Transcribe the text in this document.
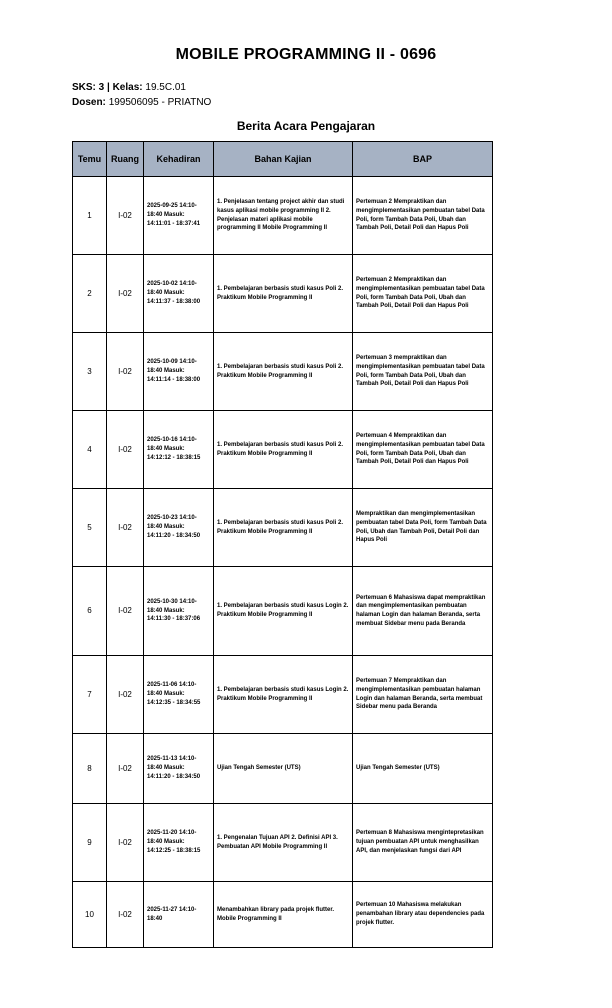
MOBILE PROGRAMMING II - 0696
SKS: 3 | Kelas: 19.5C.01
Dosen: 199506095 - PRIATNO
Berita Acara Pengajaran
Temu	Ruang	Kehadiran	Bahan Kajian	BAP
1	I-02	2025-09-25 14:10-18:40 Masuk: 14:11:01 - 18:37:41	1. Penjelasan tentang project akhir dan studi kasus aplikasi mobile programming II 2. Penjelasan materi aplikasi mobile programming II Mobile Programming II	Pertemuan 2 Mempraktikan dan mengimplementasikan pembuatan tabel Data Poli, form Tambah Data Poli, Ubah dan Tambah Poli, Detail Poli dan Hapus Poli
2	I-02	2025-10-02 14:10-18:40 Masuk: 14:11:37 - 18:38:00	1. Pembelajaran berbasis studi kasus Poli 2. Praktikum Mobile Programming II	Pertemuan 2 Mempraktikan dan mengimplementasikan pembuatan tabel Data Poli, form Tambah Data Poli, Ubah dan Tambah Poli, Detail Poli dan Hapus Poli
3	I-02	2025-10-09 14:10-18:40 Masuk: 14:11:14 - 18:38:00	1. Pembelajaran berbasis studi kasus Poli 2. Praktikum Mobile Programming II	Pertemuan 3 mempraktikan dan mengimplementasikan pembuatan tabel Data Poli, form Tambah Data Poli, Ubah dan Tambah Poli, Detail Poli dan Hapus Poli
4	I-02	2025-10-16 14:10-18:40 Masuk: 14:12:12 - 18:38:15	1. Pembelajaran berbasis studi kasus Poli 2. Praktikum Mobile Programming II	Pertemuan 4 Mempraktikan dan mengimplementasikan pembuatan tabel Data Poli, form Tambah Data Poli, Ubah dan Tambah Poli, Detail Poli dan Hapus Poli
5	I-02	2025-10-23 14:10-18:40 Masuk: 14:11:20 - 18:34:50	1. Pembelajaran berbasis studi kasus Poli 2. Praktikum Mobile Programming II	Mempraktikan dan mengimplementasikan pembuatan tabel Data Poli, form Tambah Data Poli, Ubah dan Tambah Poli, Detail Poli dan Hapus Poli
6	I-02	2025-10-30 14:10-18:40 Masuk: 14:11:30 - 18:37:06	1. Pembelajaran berbasis studi kasus Login 2. Praktikum Mobile Programming II	Pertemuan 6 Mahasiswa dapat mempraktikan dan mengimplementasikan pembuatan halaman Login dan halaman Beranda, serta membuat Sidebar menu pada Beranda
7	I-02	2025-11-06 14:10-18:40 Masuk: 14:12:35 - 18:34:55	1. Pembelajaran berbasis studi kasus Login 2. Praktikum Mobile Programming II	Pertemuan 7 Mempraktikan dan mengimplementasikan pembuatan halaman Login dan halaman Beranda, serta membuat Sidebar menu pada Beranda
8	I-02	2025-11-13 14:10-18:40 Masuk: 14:11:20 - 18:34:50	Ujian Tengah Semester (UTS)	Ujian Tengah Semester (UTS)
9	I-02	2025-11-20 14:10-18:40 Masuk: 14:12:25 - 18:38:15	1. Pengenalan Tujuan API 2. Definisi API 3. Pembuatan API Mobile Programming II	Pertemuan 8 Mahasiswa mengintepretasikan tujuan pembuatan API untuk menghasilkan API, dan menjelaskan fungsi dari API
10	I-02	2025-11-27 14:10-18:40	Menambahkan library pada projek flutter. Mobile Programming II	Pertemuan 10 Mahasiswa melakukan penambahan library atau dependencies pada projek flutter.
